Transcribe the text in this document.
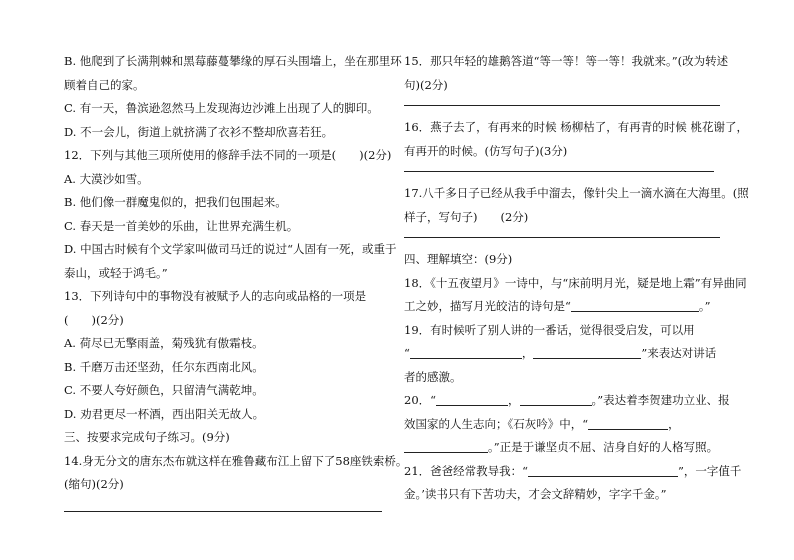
B. 他爬到了长满荆棘和黑莓藤蔓攀缘的厚石头围墙上，坐在那里环
顾着自己的家。
C. 有一天，鲁滨逊忽然马上发现海边沙滩上出现了人的脚印。
D. 不一会儿，街道上就挤满了衣衫不整却欣喜若狂。
12．下列与其他三项所使用的修辞手法不同的一项是(　　)(2分)
A. 大漠沙如雪。
B. 他们像一群魔鬼似的，把我们包围起来。
C. 春天是一首美妙的乐曲，让世界充满生机。
D. 中国古时候有个文学家叫做司马迁的说过“人固有一死，或重于
泰山，或轻于鸿毛。”
13．下列诗句中的事物没有被赋予人的志向或品格的一项是
(　　)(2分)
A. 荷尽已无擎雨盖，菊残犹有傲霜枝。
B. 千磨万击还坚劲，任尔东西南北风。
C. 不要人夸好颜色，只留清气满乾坤。
D. 劝君更尽一杯酒，西出阳关无故人。
三、按要求完成句子练习。(9分)
14.身无分文的唐东杰布就这样在雅鲁藏布江上留下了58座铁索桥。
(缩句)(2分)
15．那只年轻的雄鹅答道“等一等！等一等！我就来。”(改为转述
句)(2分)
16．燕子去了，有再来的时候 杨柳枯了，有再青的时候 桃花谢了，
有再开的时候。(仿写句子)(3分)
17.八千多日子已经从我手中溜去，像针尖上一滴水滴在大海里。(照
样子，写句子)　　(2分)
四、理解填空：(9分)
18．《十五夜望月》一诗中，与“床前明月光，疑是地上霜”有异曲同
工之妙，描写月光皎洁的诗句是“	。”
19．有时候听了别人讲的一番话，觉得很受启发，可以用
“	，	”来表达对讲话
者的感激。
20．“	，	。”表达着李贺建功立业、报
效国家的人生志向；《石灰吟》中，“	，
。”正是于谦坚贞不屈、洁身自好的人格写照。
21．爸爸经常教导我：“	”，一字值千
金。’读书只有下苦功夫，才会文辞精妙，字字千金。”
